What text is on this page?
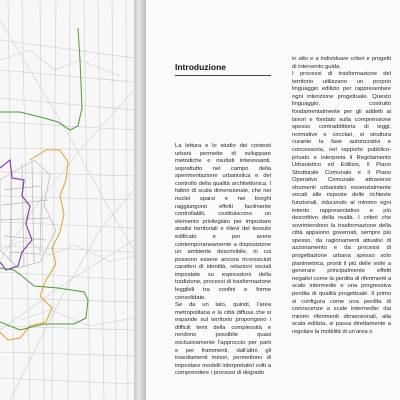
Introduzione

La lettura e lo studio dei contesti urbani permette di sviluppare metodiche e risultati interessanti, soprattutto nel campo della sperimentazione urbanistica e del controllo della qualità architettonica. I fattori di scala dimensionale, che nei nuclei sparsi e nei borghi raggiungono effetti facilmente controllabili, costituiscono un elemento privilegiato per impostare analisi territoriali e rilievi del tessuto edificato e per avere contemporaneamente a disposizione un ambiente descrivibile, in cui possono essere ancora riconosciuti caratteri di identità, relazioni sociali impostate su espressioni della tradizione, processi di trasformazione leggibili tra confini e forme consolidate.

Se da un lato, quindi, l'area metropolitana e la città diffusa che si espande sul territorio propongono i difficili temi della complessità e rendono possibile quasi esclusivamente l'approccio per parti e per frammenti, dall'altro gli insediamenti minori, permettono di impostare modelli interpretativi volti a comprendere i processi di degrado

in atto e a individuare criteri e progetti di intervento guida.

I processi di trasformazione del territorio utilizzano un proprio linguaggio edilizio per rappresentare ogni intenzione progettuale. Questo linguaggio, costruito fondamentalmente per gli addetti ai lavori e fondato sulla comprensione spesso contraddittoria di leggi, normative e circolari, si struttura curante la fase autorizzativi e concessoria, nel rapporto pubblico-privato e interpreta il Regolamento Urbanistico ed Edilizio, il Piano Strutturale Comunale e il Piano Operativo Comunale attraverso strumenti urbanistici essenzialmente vocati alle risposte delle richieste funzionali, riducendo al minimo ogni intento rappresentativo e più descrittivo della realtà. I criteri che sovrintendono la trasformazione della città appaiono governati, sempre più spesso, da ragionamenti attuativi di azzonamento e da processi di progettazione urbana spesso solo planimetrica, pronti il più delle volte a generare principalmente effetti negativi come la perdita di riferimenti a scale intermedie e una progressiva perdita di qualità progettuale. Il primo si configura come una perdita di conoscenze a scale intermedie: dai minimi riferimenti dimensionali, alla scala edilizia, si passa direttamente a regolare la mobilità di un'area o
